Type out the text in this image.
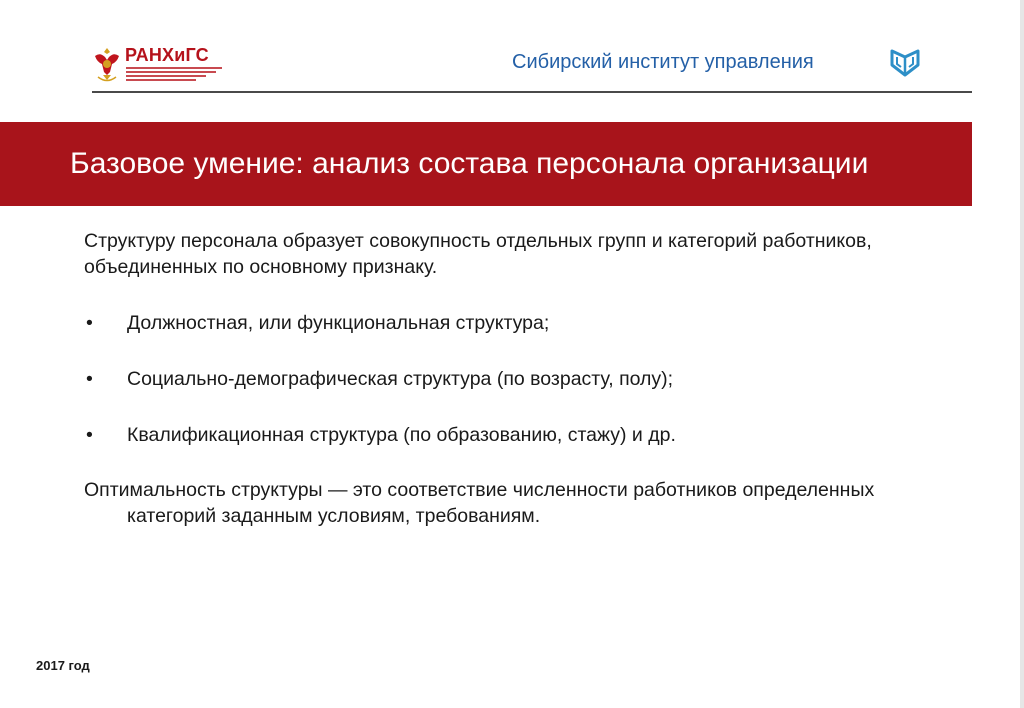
РАНХиГС	Сибирский институт управления
Базовое умение: анализ состава персонала организации

Структуру персонала образует совокупность отдельных групп и категорий работников, объединенных по основному признаку.

• Должностная, или функциональная структура;
• Социально-демографическая структура (по возрасту, полу);
• Квалификационная структура (по образованию, стажу) и др.

Оптимальность структуры — это соответствие численности работников определенных категорий заданным условиям, требованиям.

2017 год
